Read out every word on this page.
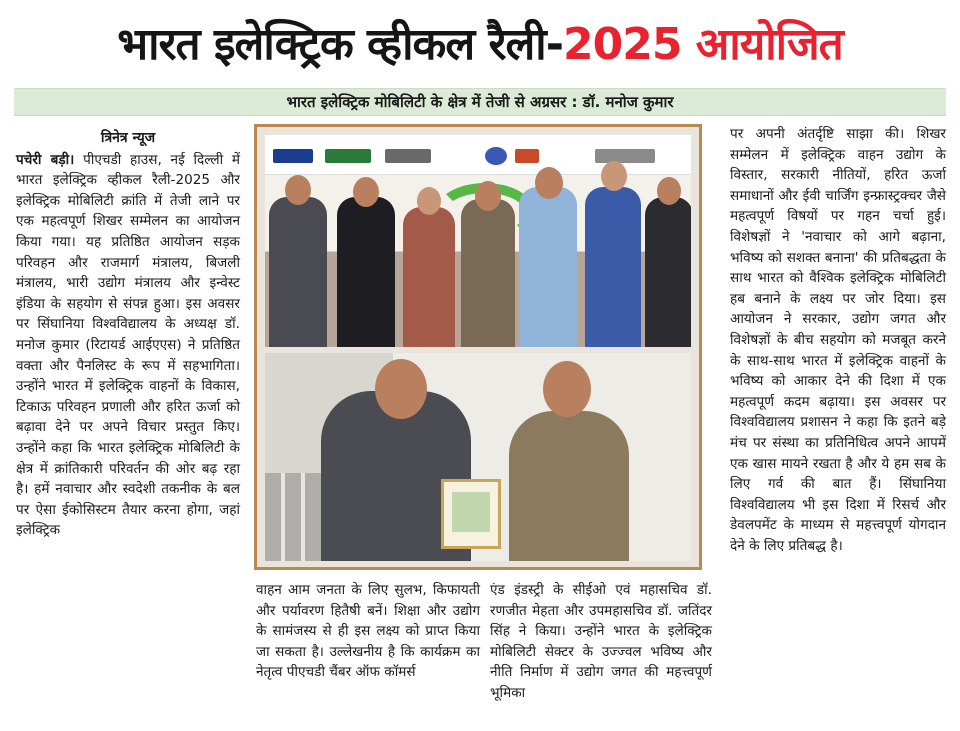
भारत इलेक्ट्रिक व्हीकल रैली- 2025 आयोजित
भारत इलेक्ट्रिक मोबिलिटी के क्षेत्र में तेजी से अग्रसर : डॉ. मनोज कुमार
त्रिनेत्र न्यूज

पचेरी बड़ी। पीएचडी हाउस, नई दिल्ली में भारत इलेक्ट्रिक व्हीकल रैली-2025 और इलेक्ट्रिक मोबिलिटी क्रांति में तेजी लाने पर एक महत्वपूर्ण शिखर सम्मेलन का आयोजन किया गया। यह प्रतिष्ठित आयोजन सड़क परिवहन और राजमार्ग मंत्रालय, बिजली मंत्रालय, भारी उद्योग मंत्रालय और इन्वेस्ट इंडिया के सहयोग से संपन्न हुआ। इस अवसर पर सिंघानिया विश्वविद्यालय के अध्यक्ष डॉ. मनोज कुमार (रिटायर्ड आईएएस) ने प्रतिष्ठित वक्ता और पैनलिस्ट के रूप में सहभागिता। उन्होंने भारत में इलेक्ट्रिक वाहनों के विकास, टिकाऊ परिवहन प्रणाली और हरित ऊर्जा को बढ़ावा देने पर अपने विचार प्रस्तुत किए। उन्होंने कहा कि भारत इलेक्ट्रिक मोबिलिटी के क्षेत्र में क्रांतिकारी परिवर्तन की ओर बढ़ रहा है। हमें नवाचार और स्वदेशी तकनीक के बल पर ऐसा ईकोसिस्टम तैयार करना होगा, जहां इलेक्ट्रिक

वाहन आम जनता के लिए सुलभ, किफायती और पर्यावरण हितैषी बनें। शिक्षा और उद्योग के सामंजस्य से ही इस लक्ष्य को प्राप्त किया जा सकता है। उल्लेखनीय है कि कार्यक्रम का नेतृत्व पीएचडी चैंबर ऑफ कॉमर्स

एंड इंडस्ट्री के सीईओ एवं महासचिव डॉ. रणजीत मेहता और उपमहासचिव डॉ. जतिंदर सिंह ने किया। उन्होंने भारत के इलेक्ट्रिक मोबिलिटी सेक्टर के उज्ज्वल भविष्य और नीति निर्माण में उद्योग जगत की महत्त्वपूर्ण भूमिका

पर अपनी अंतर्दृष्टि साझा की। शिखर सम्मेलन में इलेक्ट्रिक वाहन उद्योग के विस्तार, सरकारी नीतियों, हरित ऊर्जा समाधानों और ईवी चार्जिंग इन्फ्रास्ट्रक्चर जैसे महत्वपूर्ण विषयों पर गहन चर्चा हुई। विशेषज्ञों ने 'नवाचार को आगे बढ़ाना, भविष्य को सशक्त बनाना' की प्रतिबद्धता के साथ भारत को वैश्विक इलेक्ट्रिक मोबिलिटी हब बनाने के लक्ष्य पर जोर दिया। इस आयोजन ने सरकार, उद्योग जगत और विशेषज्ञों के बीच सहयोग को मजबूत करने के साथ-साथ भारत में इलेक्ट्रिक वाहनों के भविष्य को आकार देने की दिशा में एक महत्वपूर्ण कदम बढ़ाया। इस अवसर पर विश्वविद्यालय प्रशासन ने कहा कि इतने बड़े मंच पर संस्था का प्रतिनिधित्व अपने आपमें एक खास मायने रखता है और ये हम सब के लिए गर्व की बात हैं। सिंघानिया विश्वविद्यालय भी इस दिशा में रिसर्च और डेवलपमेंट के माध्यम से महत्त्वपूर्ण योगदान देने के लिए प्रतिबद्ध है।
